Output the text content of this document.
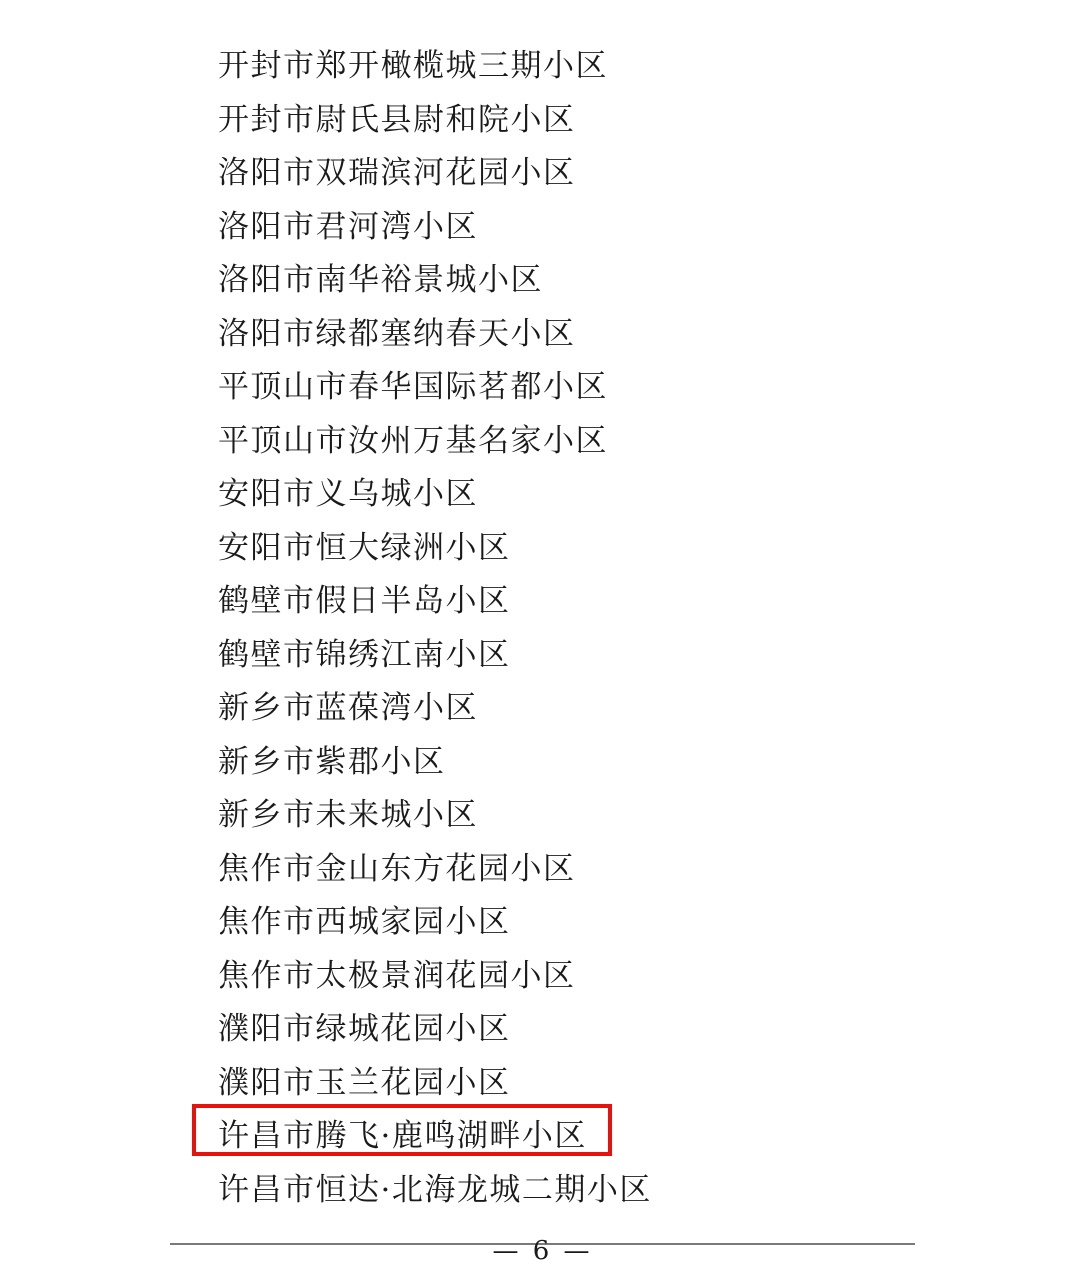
开封市郑开橄榄城三期小区
开封市尉氏县尉和院小区
洛阳市双瑞滨河花园小区
洛阳市君河湾小区
洛阳市南华裕景城小区
洛阳市绿都塞纳春天小区
平顶山市春华国际茗都小区
平顶山市汝州万基名家小区
安阳市义乌城小区
安阳市恒大绿洲小区
鹤壁市假日半岛小区
鹤壁市锦绣江南小区
新乡市蓝葆湾小区
新乡市紫郡小区
新乡市未来城小区
焦作市金山东方花园小区
焦作市西城家园小区
焦作市太极景润花园小区
濮阳市绿城花园小区
濮阳市玉兰花园小区
许昌市腾飞·鹿鸣湖畔小区
许昌市恒达·北海龙城二期小区
— 6 —
